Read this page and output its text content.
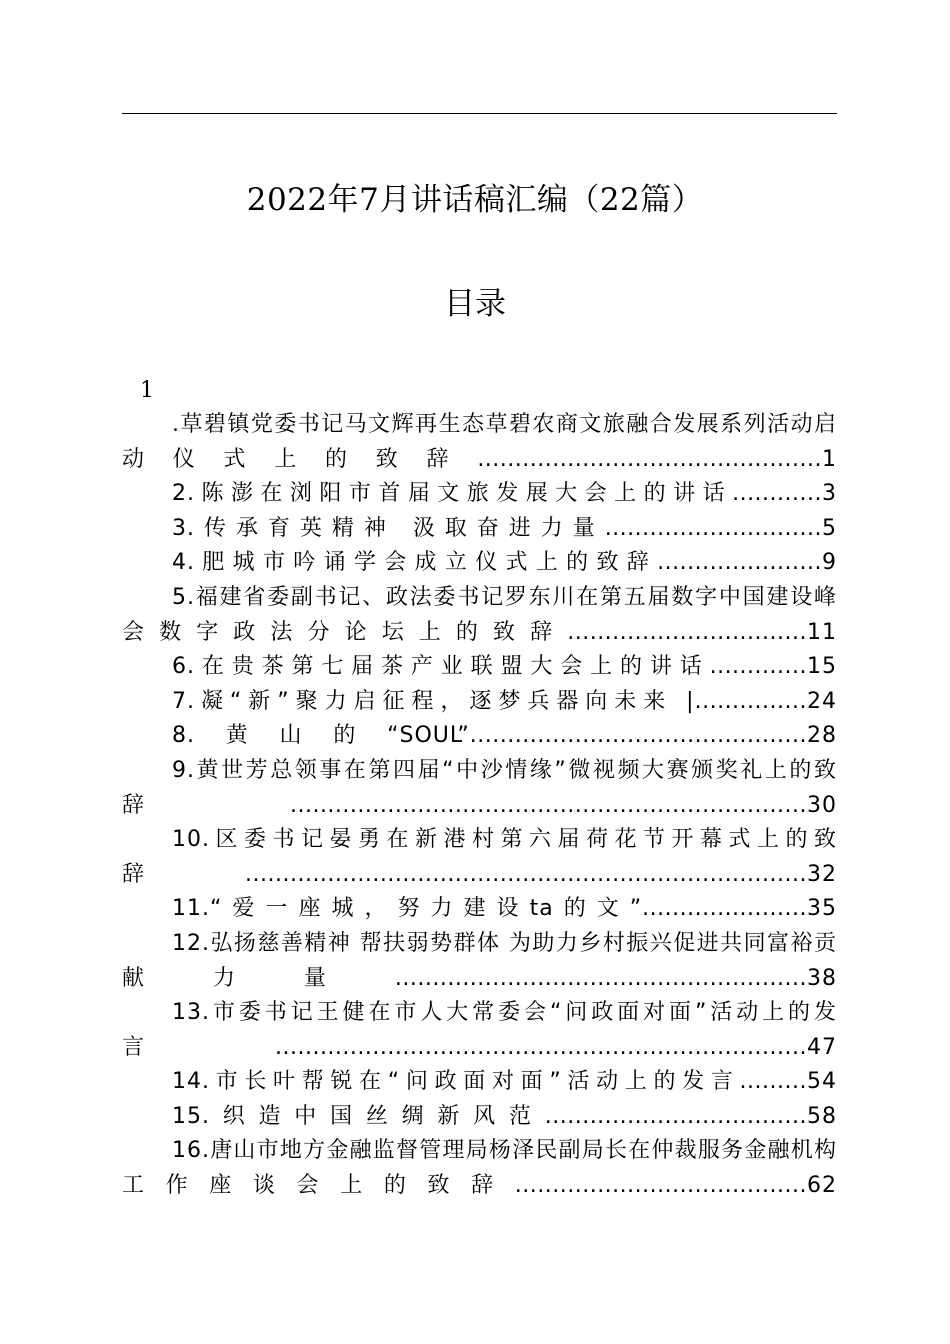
2022年7月讲话稿汇编（22篇）
目录
1
.草碧镇党委书记马文辉再生态草碧农商文旅融合发展系列活动启动仪式上的致辞..............................................1
2.陈澎在浏阳市首届文旅发展大会上的讲话............3
3.传承育英精神 汲取奋进力量.............................5
4.肥城市吟诵学会成立仪式上的致辞......................9
5.福建省委副书记、政法委书记罗东川在第五届数字中国建设峰会数字政法分论坛上的致辞................................11
6.在贵茶第七届茶产业联盟大会上的讲话.............15
7.凝“新”聚力启征程，逐梦兵器向未来 |...............24
8.黄山的“SOUL”.............................................28
9.黄世芳总领事在第四届“中沙情缘”微视频大赛颁奖礼上的致辞.....................................................................30
10.区委书记晏勇在新港村第六届荷花节开幕式上的致辞...........................................................................32
11.“爱一座城，努力建设ta的文”......................35
12.弘扬慈善精神 帮扶弱势群体 为助力乡村振兴促进共同富裕贡献力量.......................................................38
13.市委书记王健在市人大常委会“问政面对面”活动上的发言.......................................................................47
14.市长叶帮锐在“问政面对面”活动上的发言.........54
15.织造中国丝绸新风范...................................58
16.唐山市地方金融监督管理局杨泽民副局长在仲裁服务金融机构工作座谈会上的致辞.......................................62
